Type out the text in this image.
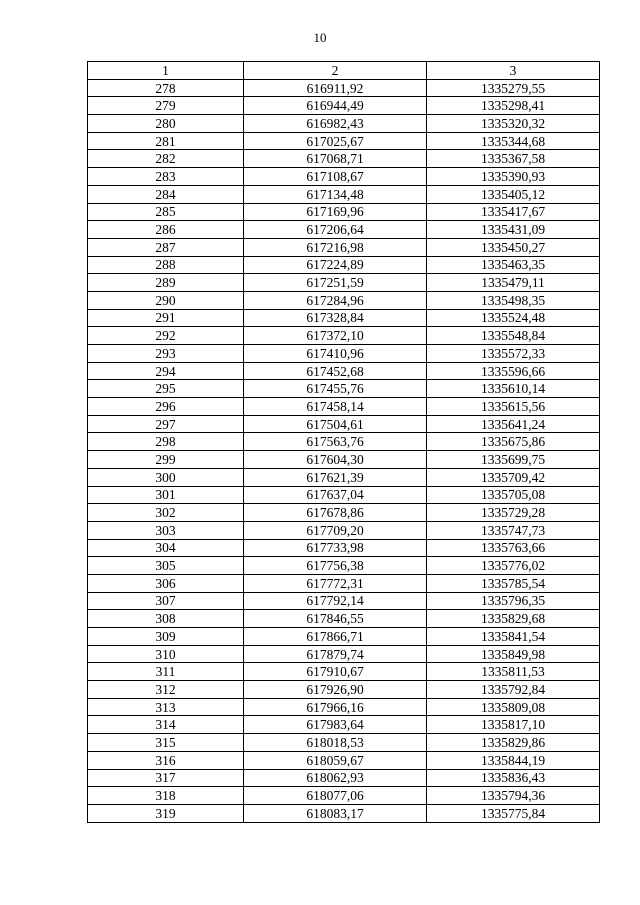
10
1	2	3
278	616911,92	1335279,55
279	616944,49	1335298,41
280	616982,43	1335320,32
281	617025,67	1335344,68
282	617068,71	1335367,58
283	617108,67	1335390,93
284	617134,48	1335405,12
285	617169,96	1335417,67
286	617206,64	1335431,09
287	617216,98	1335450,27
288	617224,89	1335463,35
289	617251,59	1335479,11
290	617284,96	1335498,35
291	617328,84	1335524,48
292	617372,10	1335548,84
293	617410,96	1335572,33
294	617452,68	1335596,66
295	617455,76	1335610,14
296	617458,14	1335615,56
297	617504,61	1335641,24
298	617563,76	1335675,86
299	617604,30	1335699,75
300	617621,39	1335709,42
301	617637,04	1335705,08
302	617678,86	1335729,28
303	617709,20	1335747,73
304	617733,98	1335763,66
305	617756,38	1335776,02
306	617772,31	1335785,54
307	617792,14	1335796,35
308	617846,55	1335829,68
309	617866,71	1335841,54
310	617879,74	1335849,98
311	617910,67	1335811,53
312	617926,90	1335792,84
313	617966,16	1335809,08
314	617983,64	1335817,10
315	618018,53	1335829,86
316	618059,67	1335844,19
317	618062,93	1335836,43
318	618077,06	1335794,36
319	618083,17	1335775,84
